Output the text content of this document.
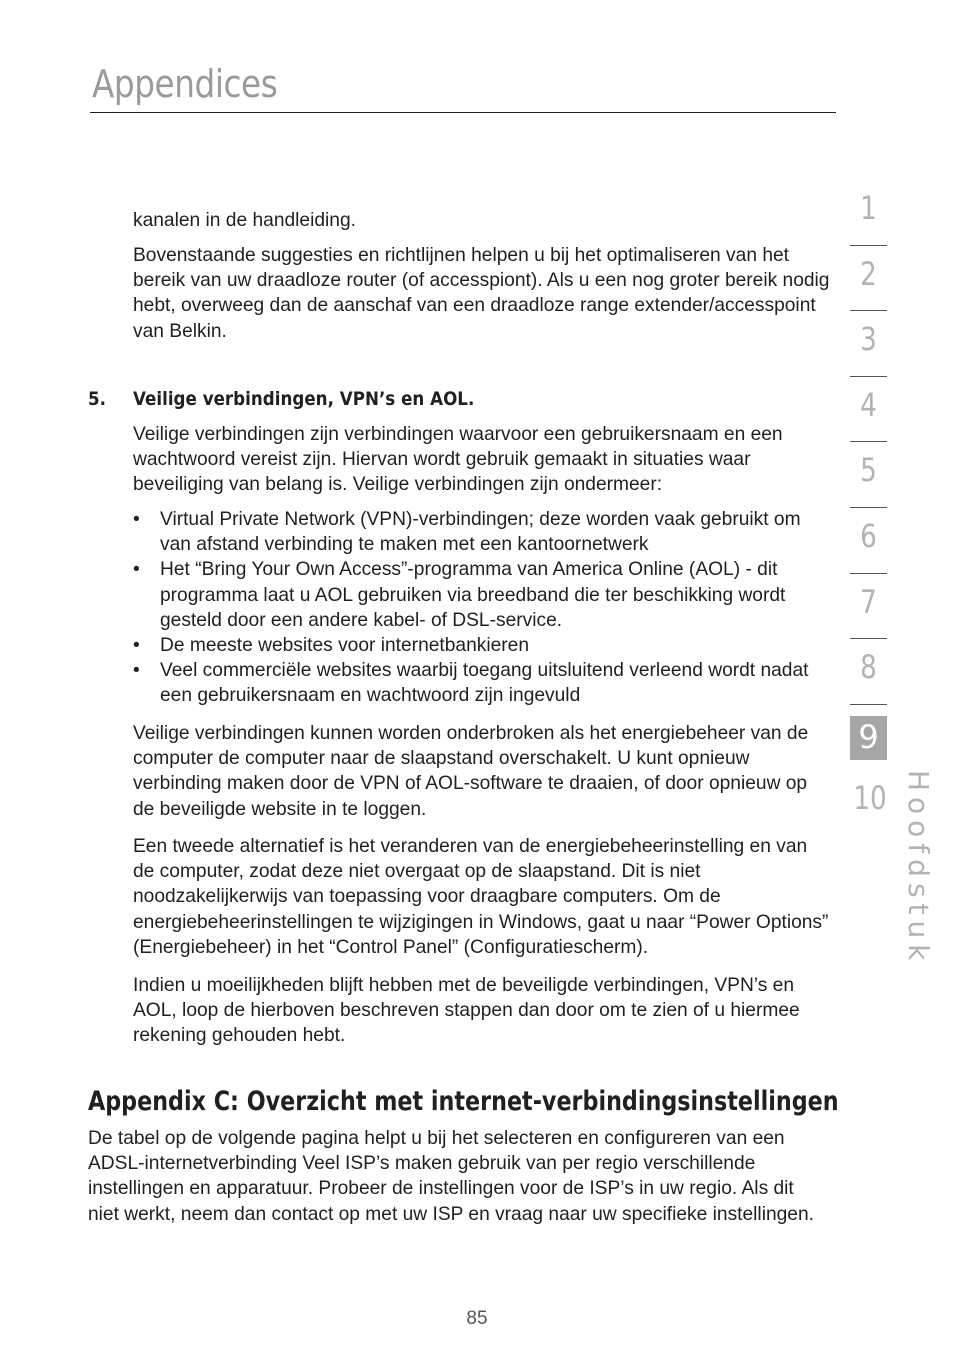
Appendices

kanalen in de handleiding.

Bovenstaande suggesties en richtlijnen helpen u bij het optimaliseren van het bereik van uw draadloze router (of accesspiont). Als u een nog groter bereik nodig hebt, overweeg dan de aanschaf van een draadloze range extender/accesspoint van Belkin.

5. Veilige verbindingen, VPN’s en AOL.

Veilige verbindingen zijn verbindingen waarvoor een gebruikersnaam en een wachtwoord vereist zijn. Hiervan wordt gebruik gemaakt in situaties waar beveiliging van belang is. Veilige verbindingen zijn ondermeer:

• Virtual Private Network (VPN)-verbindingen; deze worden vaak gebruikt om van afstand verbinding te maken met een kantoornetwerk
• Het “Bring Your Own Access”-programma van America Online (AOL) - dit programma laat u AOL gebruiken via breedband die ter beschikking wordt gesteld door een andere kabel- of DSL-service.
• De meeste websites voor internetbankieren
• Veel commerciële websites waarbij toegang uitsluitend verleend wordt nadat een gebruikersnaam en wachtwoord zijn ingevuld

Veilige verbindingen kunnen worden onderbroken als het energiebeheer van de computer de computer naar de slaapstand overschakelt. U kunt opnieuw verbinding maken door de VPN of AOL-software te draaien, of door opnieuw op de beveiligde website in te loggen.

Een tweede alternatief is het veranderen van de energiebeheerinstelling en van de computer, zodat deze niet overgaat op de slaapstand. Dit is niet noodzakelijkerwijs van toepassing voor draagbare computers. Om de energiebeheerinstellingen te wijzigingen in Windows, gaat u naar “Power Options” (Energiebeheer) in het “Control Panel” (Configuratiescherm).

Indien u moeilijkheden blijft hebben met de beveiligde verbindingen, VPN’s en AOL, loop de hierboven beschreven stappen dan door om te zien of u hiermee rekening gehouden hebt.

Appendix C: Overzicht met internet-verbindingsinstellingen

De tabel op de volgende pagina helpt u bij het selecteren en configureren van een ADSL-internetverbinding Veel ISP’s maken gebruik van per regio verschillende instellingen en apparatuur. Probeer de instellingen voor de ISP’s in uw regio. Als dit niet werkt, neem dan contact op met uw ISP en vraag naar uw specifieke instellingen.

1
2
3
4
5
6
7
8
10
9
Hoofdstuk
85
